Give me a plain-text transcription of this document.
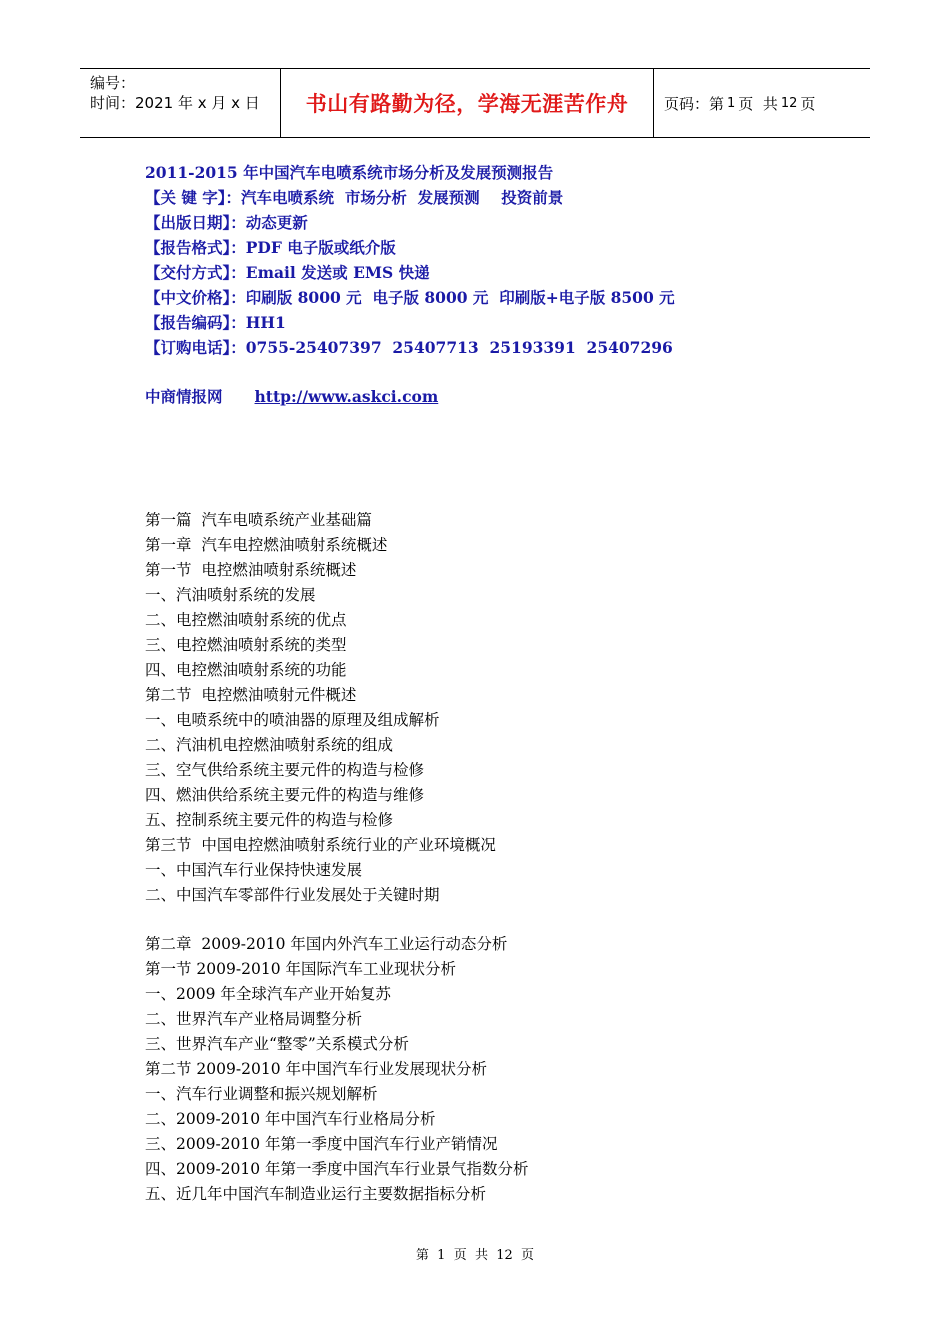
编号：
时间：2021 年 x 月 x 日	书山有路勤为径，学海无涯苦作舟 页码：第 1 页  共 12 页
2011-2015 年中国汽车电喷系统市场分析及发展预测报告
【关 键 字】：汽车电喷系统  市场分析  发展预测    投资前景
【出版日期】：动态更新
【报告格式】：PDF 电子版或纸介版
【交付方式】：Email 发送或 EMS 快递
【中文价格】：印刷版 8000 元  电子版 8000 元  印刷版+电子版 8500 元
【报告编码】：HH1
【订购电话】：0755-25407397  25407713  25193391  25407296
中商情报网 http://www.askci.com
第一篇  汽车电喷系统产业基础篇
第一章  汽车电控燃油喷射系统概述
第一节  电控燃油喷射系统概述
一、汽油喷射系统的发展
二、电控燃油喷射系统的优点
三、电控燃油喷射系统的类型
四、电控燃油喷射系统的功能
第二节  电控燃油喷射元件概述
一、电喷系统中的喷油器的原理及组成解析
二、汽油机电控燃油喷射系统的组成
三、空气供给系统主要元件的构造与检修
四、燃油供给系统主要元件的构造与维修
五、控制系统主要元件的构造与检修
第三节  中国电控燃油喷射系统行业的产业环境概况
一、中国汽车行业保持快速发展
二、中国汽车零部件行业发展处于关键时期
第二章  2009-2010 年国内外汽车工业运行动态分析
第一节 2009-2010 年国际汽车工业现状分析
一、2009 年全球汽车产业开始复苏
二、世界汽车产业格局调整分析
三、世界汽车产业“整零”关系模式分析
第二节 2009-2010 年中国汽车行业发展现状分析
一、汽车行业调整和振兴规划解析
二、2009-2010 年中国汽车行业格局分析
三、2009-2010 年第一季度中国汽车行业产销情况
四、2009-2010 年第一季度中国汽车行业景气指数分析
五、近几年中国汽车制造业运行主要数据指标分析
第  1  页  共  12  页
